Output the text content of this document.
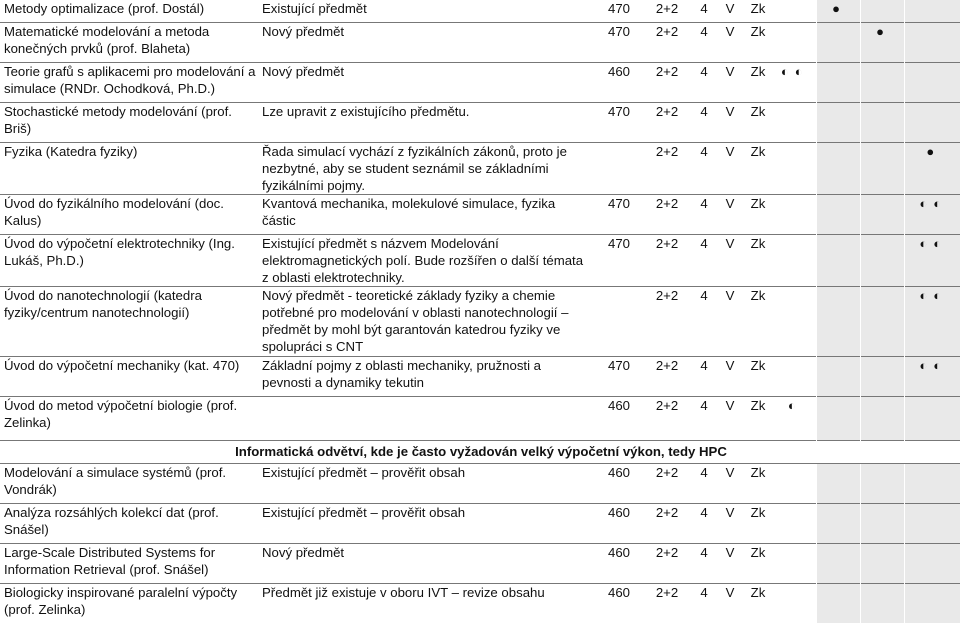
Metody optimalizace (prof. Dostál)	Existující předmět	470	2+2	4	V	Zk		●		
Matematické modelování a metoda konečných prvků (prof. Blaheta)	Nový předmět	470	2+2	4	V	Zk			●	
Teorie grafů s aplikacemi pro modelování a simulace (RNDr. Ochodková, Ph.D.)	Nový předmět	460	2+2	4	V	Zk	◐◐			
Stochastické metody modelování (prof. Briš)	Lze upravit z existujícího předmětu.	470	2+2	4	V	Zk				
Fyzika (Katedra fyziky)	Řada simulací vychází z fyzikálních zákonů, proto je nezbytné, aby se student seznámil se základními fyzikálními pojmy.		2+2	4	V	Zk				●
Úvod do fyzikálního modelování (doc. Kalus)	Kvantová mechanika, molekulové simulace, fyzika částic	470	2+2	4	V	Zk				◐◐
Úvod do výpočetní elektrotechniky (Ing. Lukáš, Ph.D.)	Existující předmět s názvem Modelování elektromagnetických polí. Bude rozšířen o další témata z oblasti elektrotechniky.	470	2+2	4	V	Zk				◐◐
Úvod do nanotechnologií (katedra fyziky/centrum nanotechnologií)	Nový předmět - teoretické základy fyziky a chemie potřebné pro modelování v oblasti nanotechnologií – předmět by mohl být garantován katedrou fyziky ve spolupráci s CNT		2+2	4	V	Zk				◐◐
Úvod do výpočetní mechaniky (kat. 470)	Základní pojmy z oblasti mechaniky, pružnosti a pevnosti a dynamiky tekutin	470	2+2	4	V	Zk				◐◐
Úvod do metod výpočetní biologie (prof. Zelinka)		460	2+2	4	V	Zk	◐			
Informatická odvětví, kde je často vyžadován velký výpočetní výkon, tedy HPC										
Modelování a simulace systémů (prof. Vondrák)	Existující předmět – prověřit obsah	460	2+2	4	V	Zk				
Analýza rozsáhlých kolekcí dat (prof. Snášel)	Existující předmět – prověřit obsah	460	2+2	4	V	Zk				
Large-Scale Distributed Systems for Information Retrieval (prof. Snášel)	Nový předmět	460	2+2	4	V	Zk				
Biologicky inspirované paralelní výpočty (prof. Zelinka)	Předmět již existuje v oboru IVT – revize obsahu	460	2+2	4	V	Zk				
